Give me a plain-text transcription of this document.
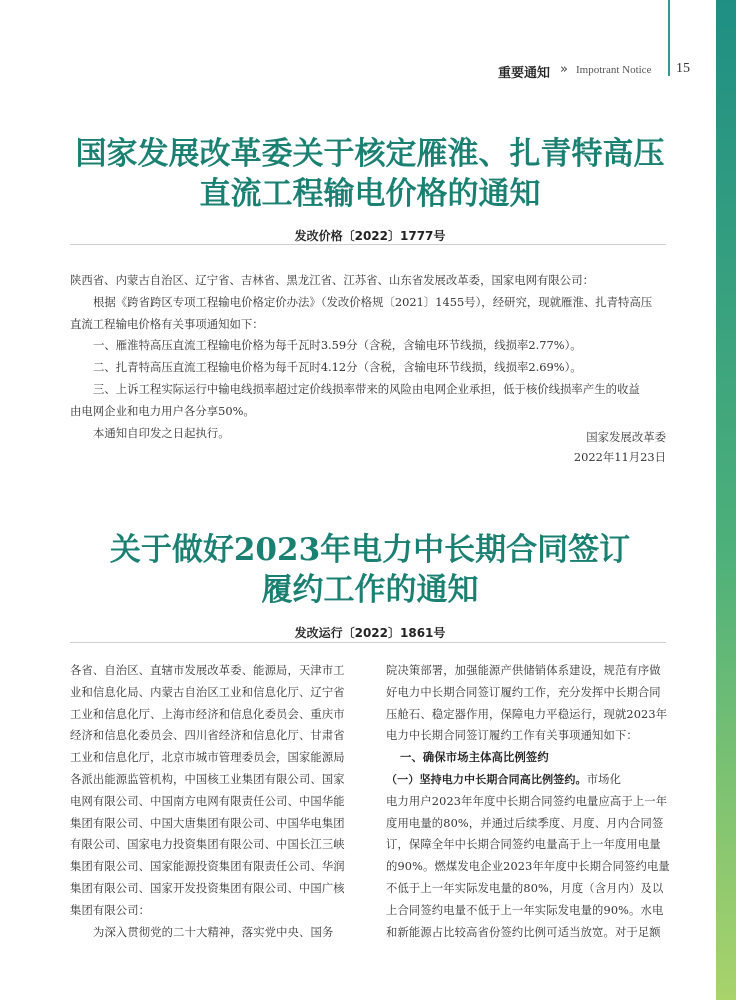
重要通知 » Impotrant Notice 15
国家发展改革委关于核定雁淮、扎青特高压
直流工程输电价格的通知
发改价格〔2022〕1777号

陕西省、内蒙古自治区、辽宁省、吉林省、黑龙江省、江苏省、山东省发展改革委，国家电网有限公司：

根据《跨省跨区专项工程输电价格定价办法》（发改价格规〔2021〕1455号），经研究，现就雁淮、扎青特高压

直流工程输电价格有关事项通知如下：

一、雁淮特高压直流工程输电价格为每千瓦时3.59分（含税，含输电环节线损，线损率2.77%）。

二、扎青特高压直流工程输电价格为每千瓦时4.12分（含税，含输电环节线损，线损率2.69%）。

三、上诉工程实际运行中输电线损率超过定价线损率带来的风险由电网企业承担，低于核价线损率产生的收益

由电网企业和电力用户各分享50%。

本通知自印发之日起执行。	国家发展改革委
2022年11月23日
关于做好2023年电力中长期合同签订
履约工作的通知
发改运行〔2022〕1861号

各省、自治区、直辖市发展改革委、能源局，天津市工

业和信息化局、内蒙古自治区工业和信息化厅、辽宁省

工业和信息化厅、上海市经济和信息化委员会、重庆市

经济和信息化委员会、四川省经济和信息化厅、甘肃省

工业和信息化厅，北京市城市管理委员会，国家能源局

各派出能源监管机构，中国核工业集团有限公司、国家

电网有限公司、中国南方电网有限责任公司、中国华能

集团有限公司、中国大唐集团有限公司、中国华电集团

有限公司、国家电力投资集团有限公司、中国长江三峡

集团有限公司、国家能源投资集团有限责任公司、华润

集团有限公司、国家开发投资集团有限公司、中国广核

集团有限公司：

为深入贯彻党的二十大精神，落实党中央、国务

院决策部署，加强能源产供储销体系建设，规范有序做

好电力中长期合同签订履约工作，充分发挥中长期合同

压舱石、稳定器作用，保障电力平稳运行，现就2023年

电力中长期合同签订履约工作有关事项通知如下：

一、确保市场主体高比例签约

（一）坚持电力中长期合同高比例签约。市场化

电力用户2023年年度中长期合同签约电量应高于上一年

度用电量的80%，并通过后续季度、月度、月内合同签

订，保障全年中长期合同签约电量高于上一年度用电量

的90%。燃煤发电企业2023年年度中长期合同签约电量

不低于上一年实际发电量的80%，月度（含月内）及以

上合同签约电量不低于上一年实际发电量的90%。水电

和新能源占比较高省份签约比例可适当放宽。对于足额
